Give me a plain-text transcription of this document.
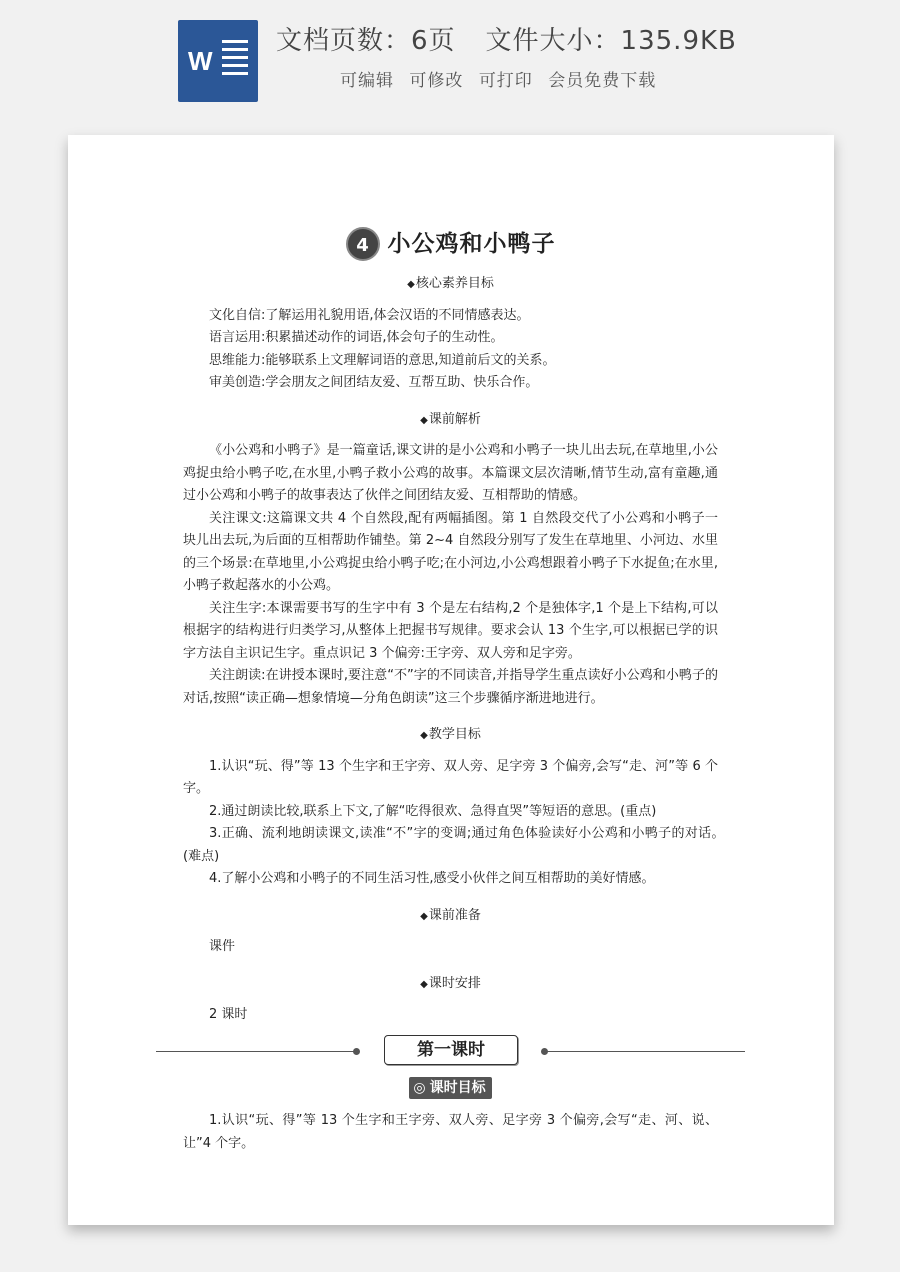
W
文档页数：6页 文件大小：135.9KB
可编辑 可修改 可打印 会员免费下载
4 小公鸡和小鸭子
◆核心素养目标

文化自信:了解运用礼貌用语,体会汉语的不同情感表达。

语言运用:积累描述动作的词语,体会句子的生动性。

思维能力:能够联系上文理解词语的意思,知道前后文的关系。

审美创造:学会朋友之间团结友爱、互帮互助、快乐合作。

◆课前解析

《小公鸡和小鸭子》是一篇童话,课文讲的是小公鸡和小鸭子一块儿出去玩,在草地里,小公鸡捉虫给小鸭子吃,在水里,小鸭子救小公鸡的故事。本篇课文层次清晰,情节生动,富有童趣,通过小公鸡和小鸭子的故事表达了伙伴之间团结友爱、互相帮助的情感。

关注课文:这篇课文共 4 个自然段,配有两幅插图。第 1 自然段交代了小公鸡和小鸭子一块儿出去玩,为后面的互相帮助作铺垫。第 2~4 自然段分别写了发生在草地里、小河边、水里的三个场景:在草地里,小公鸡捉虫给小鸭子吃;在小河边,小公鸡想跟着小鸭子下水捉鱼;在水里,小鸭子救起落水的小公鸡。

关注生字:本课需要书写的生字中有 3 个是左右结构,2 个是独体字,1 个是上下结构,可以根据字的结构进行归类学习,从整体上把握书写规律。要求会认 13 个生字,可以根据已学的识字方法自主识记生字。重点识记 3 个偏旁:王字旁、双人旁和足字旁。

关注朗读:在讲授本课时,要注意“不”字的不同读音,并指导学生重点读好小公鸡和小鸭子的对话,按照“读正确—想象情境—分角色朗读”这三个步骤循序渐进地进行。

◆教学目标

1.认识“玩、得”等 13 个生字和王字旁、双人旁、足字旁 3 个偏旁,会写“走、河”等 6 个字。

2.通过朗读比较,联系上下文,了解“吃得很欢、急得直哭”等短语的意思。(重点)

3.正确、流利地朗读课文,读准“不”字的变调;通过角色体验读好小公鸡和小鸭子的对话。　　(难点)

4.了解小公鸡和小鸭子的不同生活习性,感受小伙伴之间互相帮助的美好情感。

◆课前准备

课件

◆课时安排

2 课时

第一课时
◎ 课时目标

1.认识“玩、得”等 13 个生字和王字旁、双人旁、足字旁 3 个偏旁,会写“走、河、说、让”4 个字。
